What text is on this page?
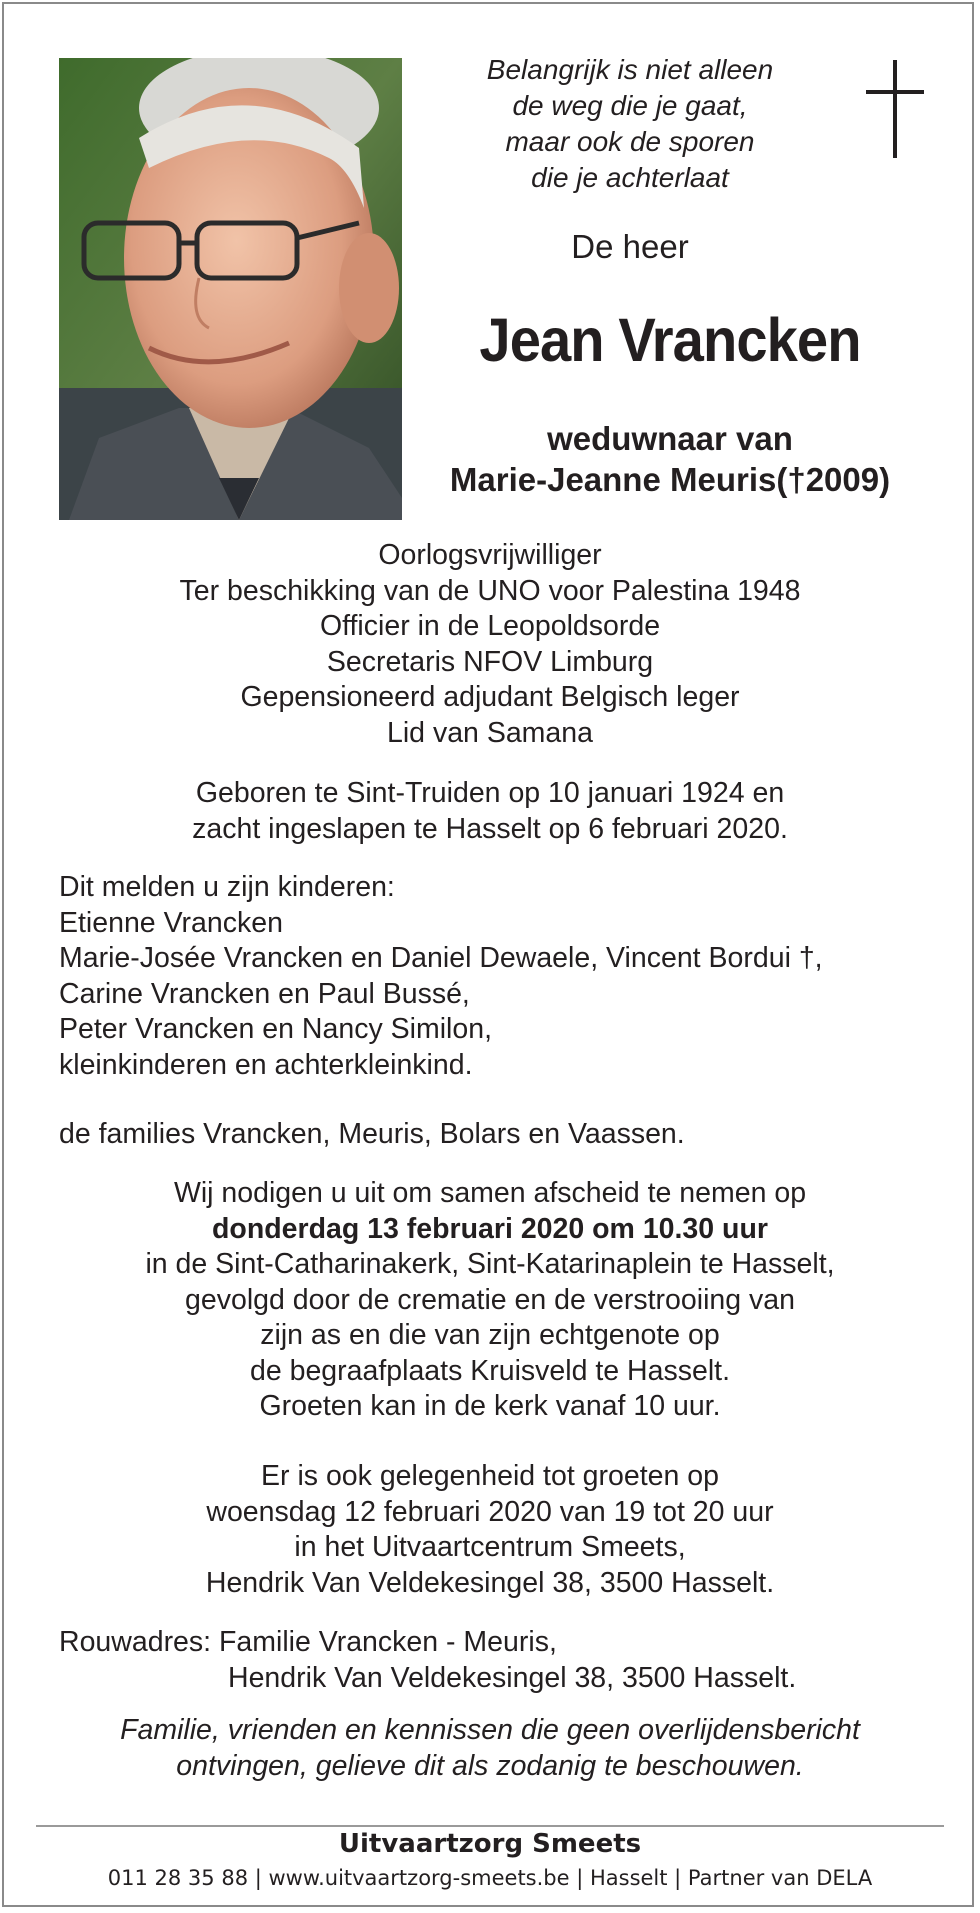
Belangrijk is niet alleen
de weg die je gaat,
maar ook de sporen
die je achterlaat
De heer
Jean Vrancken
weduwnaar van
Marie-Jeanne Meuris(†2009)
Oorlogsvrijwilliger
Ter beschikking van de UNO voor Palestina 1948
Officier in de Leopoldsorde
Secretaris NFOV Limburg
Gepensioneerd adjudant Belgisch leger
Lid van Samana
Geboren te Sint-Truiden op 10 januari 1924 en
zacht ingeslapen te Hasselt op 6 februari 2020.
Dit melden u zijn kinderen:
Etienne Vrancken
Marie-Josée Vrancken en Daniel Dewaele, Vincent Bordui †,
Carine Vrancken en Paul Bussé,
Peter Vrancken en Nancy Similon,
kleinkinderen en achterkleinkind.
de families Vrancken, Meuris, Bolars en Vaassen.
Wij nodigen u uit om samen afscheid te nemen op
donderdag 13 februari 2020 om 10.30 uur
in de Sint-Catharinakerk, Sint-Katarinaplein te Hasselt,
gevolgd door de crematie en de verstrooiing van
zijn as en die van zijn echtgenote op
de begraafplaats Kruisveld te Hasselt.
Groeten kan in de kerk vanaf 10 uur.
Er is ook gelegenheid tot groeten op
woensdag 12 februari 2020 van 19 tot 20 uur
in het Uitvaartcentrum Smeets,
Hendrik Van Veldekesingel 38, 3500 Hasselt.
Rouwadres: Familie Vrancken - Meuris,
Hendrik Van Veldekesingel 38, 3500 Hasselt.
Familie, vrienden en kennissen die geen overlijdensbericht
ontvingen, gelieve dit als zodanig te beschouwen.
Uitvaartzorg Smeets
011 28 35 88 | www.uitvaartzorg-smeets.be | Hasselt | Partner van DELA
